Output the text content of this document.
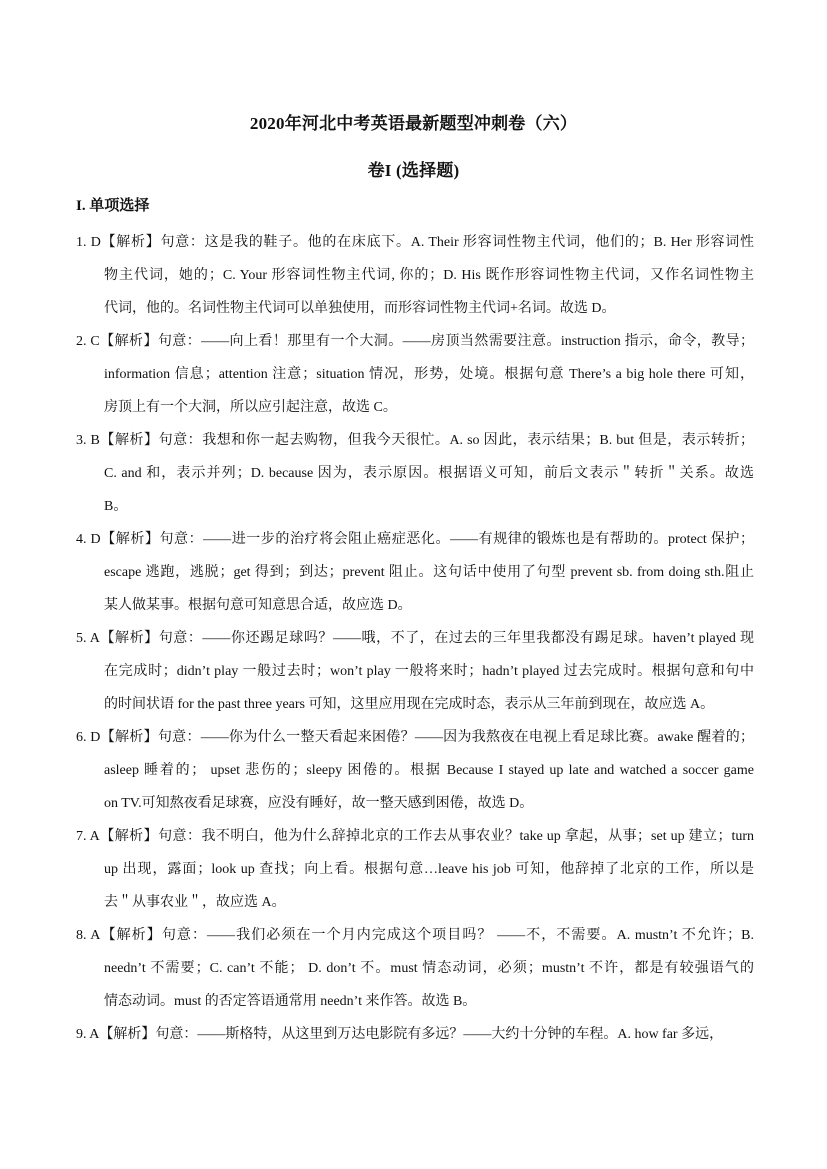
2020年河北中考英语最新题型冲刺卷（六）
卷I (选择题)
I. 单项选择
1. D【解析】句意：这是我的鞋子。他的在床底下。A. Their 形容词性物主代词，他们的；B. Her 形容词性
物主代词，她的；C. Your 形容词性物主代词, 你的；D. His 既作形容词性物主代词，又作名词性物主
代词，他的。名词性物主代词可以单独使用，而形容词性物主代词+名词。故选 D。
2. C【解析】句意：——向上看！那里有一个大洞。——房顶当然需要注意。instruction 指示，命令，教导；
information 信息；attention 注意；situation 情况，形势，处境。根据句意 There’s a big hole there 可知，
房顶上有一个大洞，所以应引起注意，故选 C。
3. B【解析】句意：我想和你一起去购物，但我今天很忙。A. so 因此，表示结果；B. but 但是，表示转折；
C. and 和，表示并列；D. because 因为，表示原因。根据语义可知，前后文表示＂转折＂关系。故选
B。
4. D【解析】句意：——进一步的治疗将会阻止癌症恶化。——有规律的锻炼也是有帮助的。protect 保护；
escape 逃跑，逃脱；get 得到；到达；prevent 阻止。这句话中使用了句型 prevent sb. from doing sth.阻止
某人做某事。根据句意可知意思合适，故应选 D。
5. A【解析】句意：——你还踢足球吗？——哦，不了，在过去的三年里我都没有踢足球。haven’t played 现
在完成时；didn’t play 一般过去时；won’t play 一般将来时；hadn’t played 过去完成时。根据句意和句中
的时间状语 for the past three years 可知，这里应用现在完成时态，表示从三年前到现在，故应选 A。
6. D【解析】句意：——你为什么一整天看起来困倦？——因为我熬夜在电视上看足球比赛。awake 醒着的；
asleep 睡着的； upset 悲伤的；sleepy 困倦的。根据 Because I stayed up late and watched a soccer game
on TV.可知熬夜看足球赛，应没有睡好，故一整天感到困倦，故选 D。
7. A【解析】句意：我不明白，他为什么辞掉北京的工作去从事农业？take up 拿起，从事；set up 建立；turn
up 出现，露面；look up 查找；向上看。根据句意…leave his job 可知，他辞掉了北京的工作，所以是
去＂从事农业＂，故应选 A。
8. A【解析】句意：——我们必须在一个月内完成这个项目吗？ ——不，不需要。A. mustn’t 不允许；B.
needn’t 不需要；C. can’t 不能； D. don’t 不。must 情态动词，必须；mustn’t 不许，都是有较强语气的
情态动词。must 的否定答语通常用 needn’t 来作答。故选 B。
9. A【解析】句意：——斯格特，从这里到万达电影院有多远？——大约十分钟的车程。A. how far 多远，
